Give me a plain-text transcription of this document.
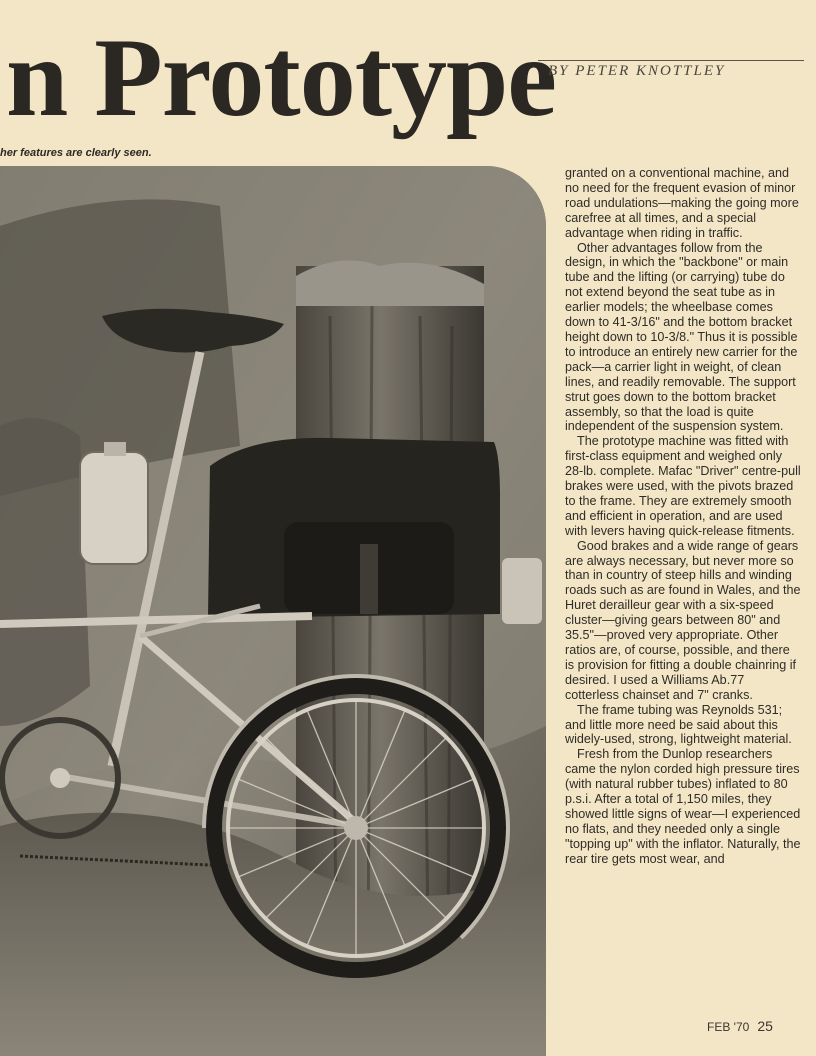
n Prototype
BY PETER KNOTTLEY
her features are clearly seen.

granted on a conventional machine, and no need for the frequent evasion of minor road undulations—making the going more carefree at all times, and a special advantage when riding in traffic.

Other advantages follow from the design, in which the "backbone" or main tube and the lifting (or carrying) tube do not extend beyond the seat tube as in earlier models; the wheelbase comes down to 41-3/16" and the bottom bracket height down to 10-3/8." Thus it is possible to introduce an entirely new carrier for the pack—a carrier light in weight, of clean lines, and readily removable. The support strut goes down to the bottom bracket assembly, so that the load is quite independent of the suspension system.

The prototype machine was fitted with first-class equipment and weighed only 28-lb. complete. Mafac "Driver" centre-pull brakes were used, with the pivots brazed to the frame. They are extremely smooth and efficient in operation, and are used with levers having quick-release fitments.

Good brakes and a wide range of gears are always necessary, but never more so than in country of steep hills and winding roads such as are found in Wales, and the Huret derailleur gear with a six-speed cluster—giving gears between 80" and 35.5"—proved very appropriate. Other ratios are, of course, possible, and there is provision for fitting a double chainring if desired. I used a Williams Ab.77 cotterless chainset and 7" cranks.

The frame tubing was Reynolds 531; and little more need be said about this widely-used, strong, lightweight material.

Fresh from the Dunlop researchers came the nylon corded high pressure tires (with natural rubber tubes) inflated to 80 p.s.i. After a total of 1,150 miles, they showed little signs of wear—I experienced no flats, and they needed only a single "topping up" with the inflator. Naturally, the rear tire gets most wear, and

FEB '70 25
